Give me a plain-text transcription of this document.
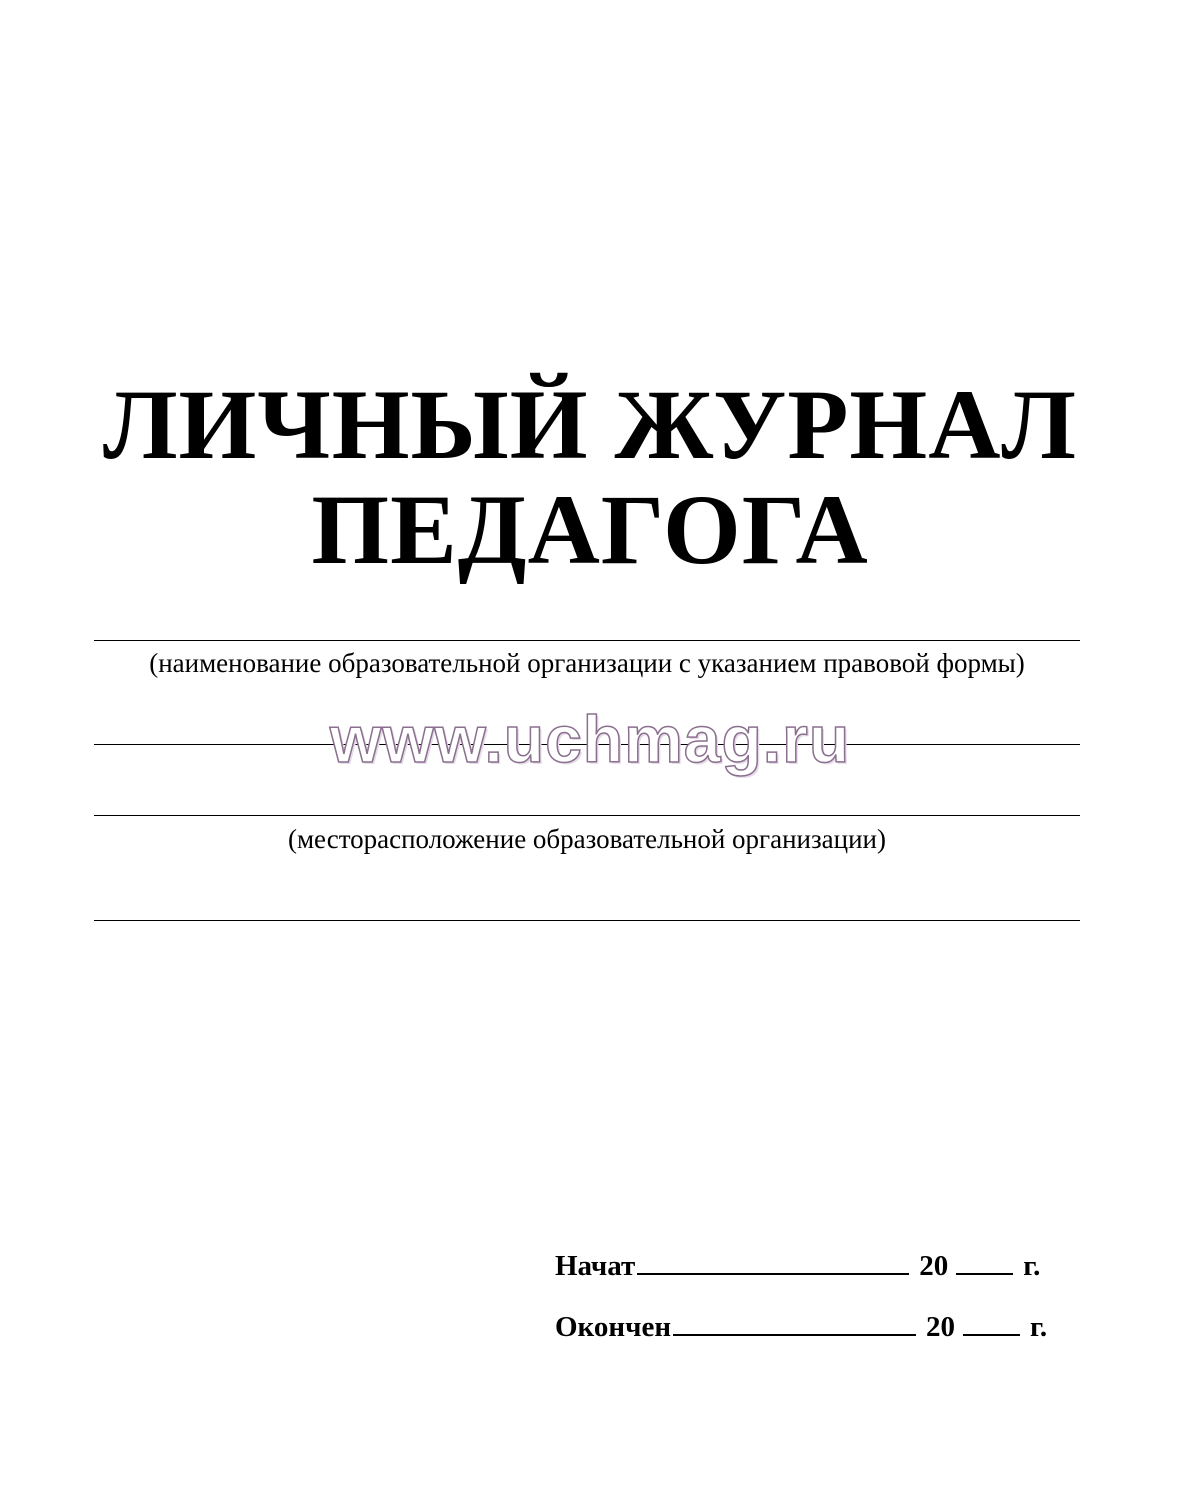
ЛИЧНЫЙ ЖУРНАЛ
ПЕДАГОГА
(наименование образовательной организации с указанием правовой формы)
(месторасположение образовательной организации)
www.uchmag.ru
Начат	20	г.
Окончен	20	г.
